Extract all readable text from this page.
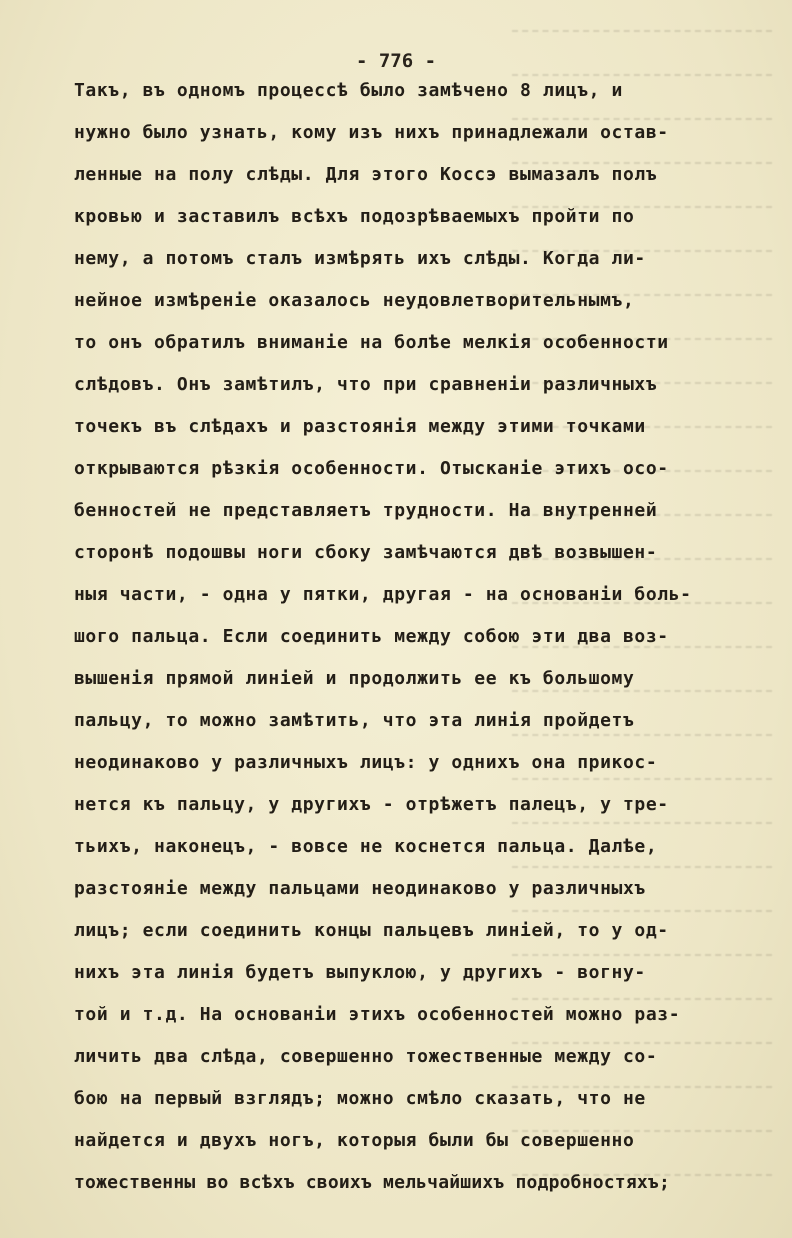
- 776 -
Такъ, въ одномъ процессѣ было замѣчено 8 лицъ, и
нужно было узнать, кому изъ нихъ принадлежали остав-
ленные на полу слѣды. Для этого Коссэ вымазалъ полъ
кровью и заставилъ всѣхъ подозрѣваемыхъ пройти по
нему, а потомъ сталъ измѣрять ихъ слѣды. Когда ли-
нейное измѣренiе оказалось неудовлетворительнымъ,
то онъ обратилъ вниманiе на болѣе мелкiя особенности
слѣдовъ. Онъ замѣтилъ, что при сравненiи различныхъ
точекъ въ слѣдахъ и разстоянiя между этими точками
открываются рѣзкiя особенности. Отысканiе этихъ осо-
бенностей не представляетъ трудности. На внутренней
сторонѣ подошвы ноги сбоку замѣчаются двѣ возвышен-
ныя части, - одна у пятки, другая - на основанiи боль-
шого пальца. Если соединить между собою эти два воз-
вышенiя прямой линiей и продолжить ее къ большому
пальцу, то можно замѣтить, что эта линiя пройдетъ
неодинаково у различныхъ лицъ: у однихъ она прикос-
нется къ пальцу, у другихъ - отрѣжетъ палецъ, у тре-
тьихъ, наконецъ, - вовсе не коснется пальца. Далѣе,
разстоянiе между пальцами неодинаково у различныхъ
лицъ; если соединить концы пальцевъ линiей, то у од-
нихъ эта линiя будетъ выпуклою, у другихъ - вогну-
той и т.д. На основанiи этихъ особенностей можно раз-
личить два слѣда, совершенно тожественные между со-
бою на первый взглядъ; можно смѣло сказать, что не
найдется и двухъ ногъ, которыя были бы совершенно
тожественны во всѣхъ своихъ мельчайшихъ подробностяхъ;
